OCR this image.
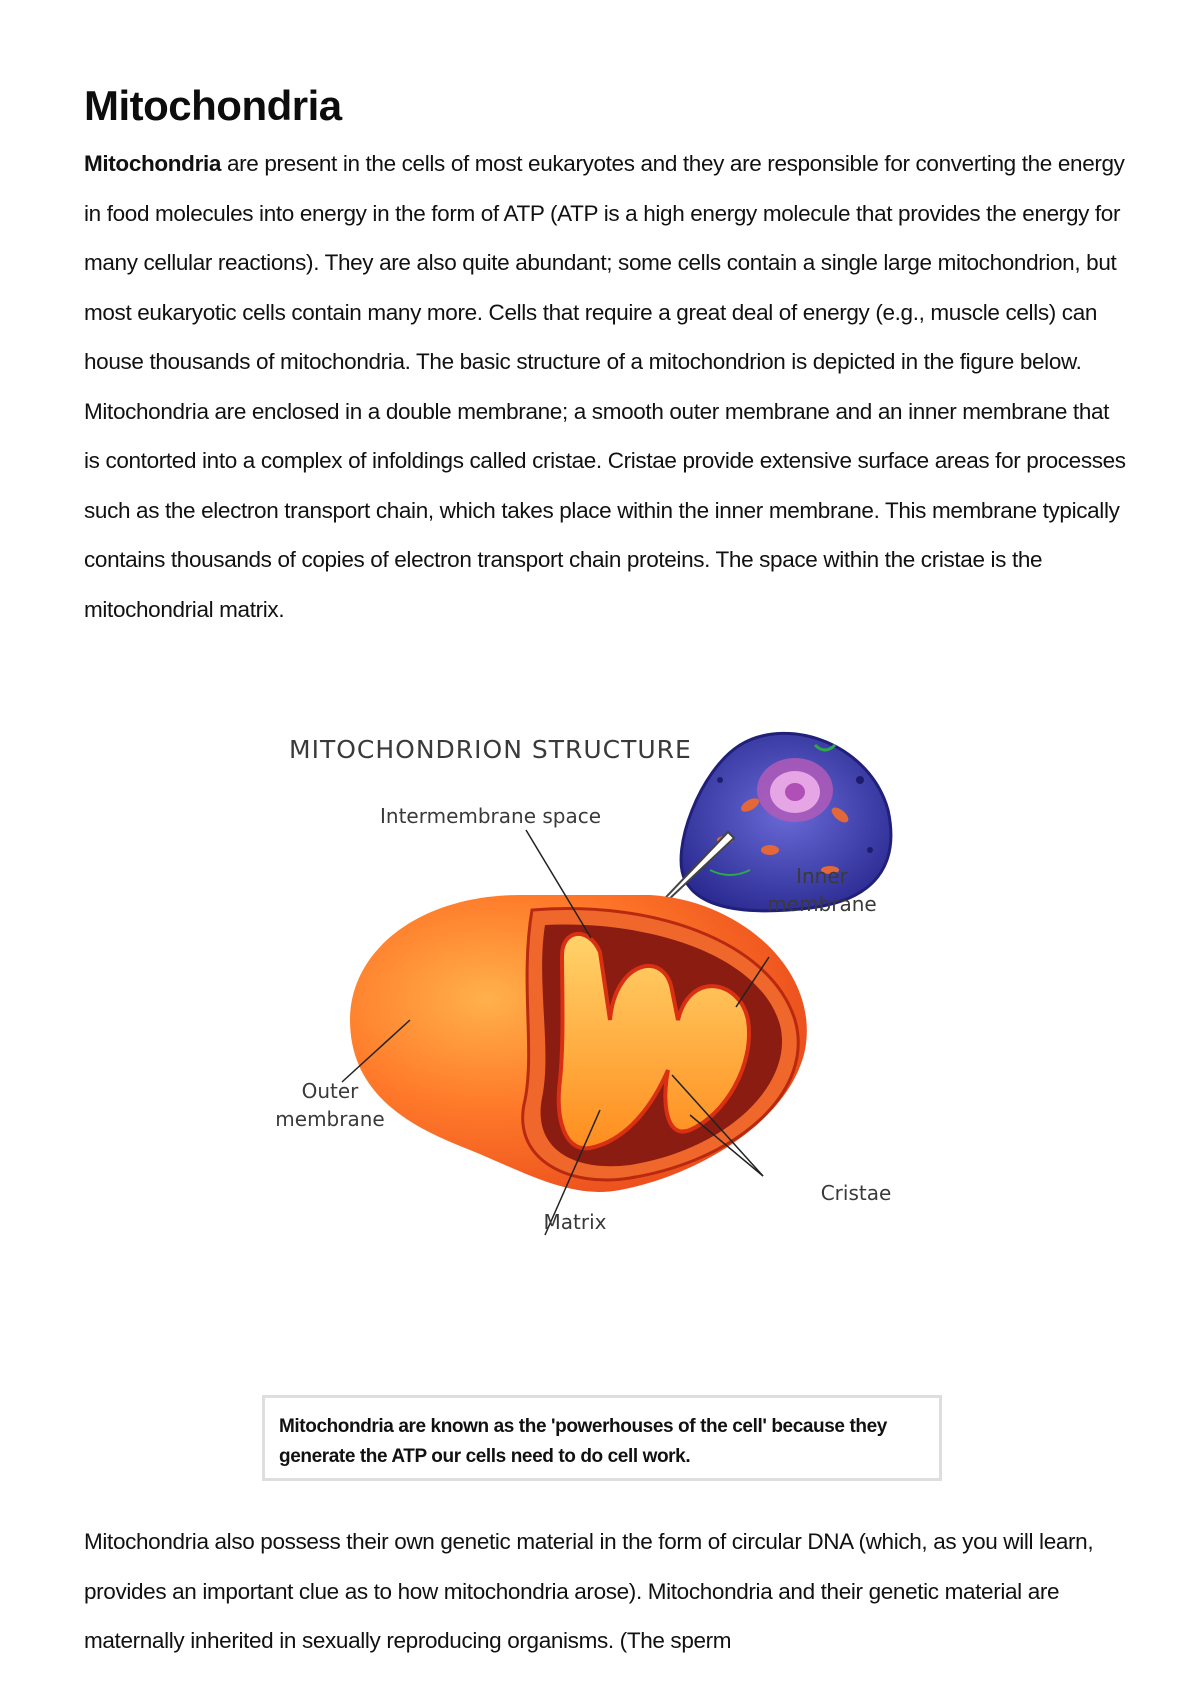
Mitochondria

Mitochondria are present in the cells of most eukaryotes and they are responsible for converting the energy in food molecules into energy in the form of ATP (ATP is a high energy molecule that provides the energy for many cellular reactions). They are also quite abundant; some cells contain a single large mitochondrion, but most eukaryotic cells contain many more. Cells that require a great deal of energy (e.g., muscle cells) can house thousands of mitochondria. The basic structure of a mitochondrion is depicted in the figure below. Mitochondria are enclosed in a double membrane; a smooth outer membrane and an inner membrane that is contorted into a complex of infoldings called cristae. Cristae provide extensive surface areas for processes such as the electron transport chain, which takes place within the inner membrane. This membrane typically contains thousands of copies of electron transport chain proteins. The space within the cristae is the mitochondrial matrix.

MITOCHONDRION STRUCTURE
Intermembrane space
Inner
membrane
Outer
membrane
Matrix
Cristae
Mitochondria are known as the 'powerhouses of the cell' because they generate the ATP our cells need to do cell work.

Mitochondria also possess their own genetic material in the form of circular DNA (which, as you will learn, provides an important clue as to how mitochondria arose). Mitochondria and their genetic material are maternally inherited in sexually reproducing organisms. (The sperm
